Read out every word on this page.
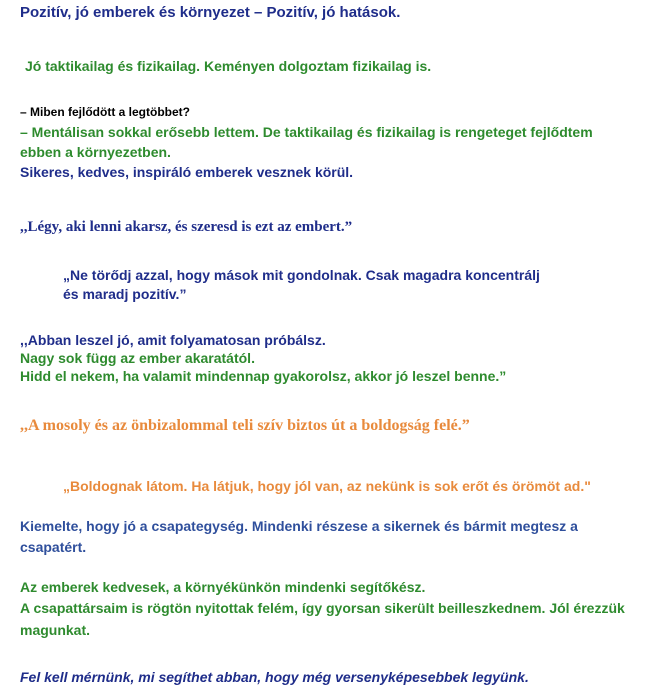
Pozitív, jó emberek és környezet – Pozitív, jó hatások.
Jó taktikailag és fizikailag. Keményen dolgoztam fizikailag is.
– Miben fejlődött a legtöbbet?
– Mentálisan sokkal erősebb lettem. De taktikailag és fizikailag is rengeteget fejlődtem
ebben a környezetben.
Sikeres, kedves, inspiráló emberek vesznek körül.
,,Légy, aki lenni akarsz, és szeresd is ezt az embert.”
„Ne törődj azzal, hogy mások mit gondolnak. Csak magadra koncentrálj
és maradj pozitív.”
,,Abban leszel jó, amit folyamatosan próbálsz.
Nagy sok függ az ember akaratától.
Hidd el nekem, ha valamit mindennap gyakorolsz, akkor jó leszel benne.”
,,A mosoly és az önbizalommal teli szív biztos út a boldogság felé.”
„Boldognak látom. Ha látjuk, hogy jól van, az nekünk is sok erőt és örömöt ad."
Kiemelte, hogy jó a csapategység. Mindenki részese a sikernek és bármit megtesz a
csapatért.
Az emberek kedvesek, a környékünkön mindenki segítőkész.
A csapattársaim is rögtön nyitottak felém, így gyorsan sikerült beilleszkednem. Jól érezzük
magunkat.
Fel kell mérnünk, mi segíthet abban, hogy még versenyképesebbek legyünk.
